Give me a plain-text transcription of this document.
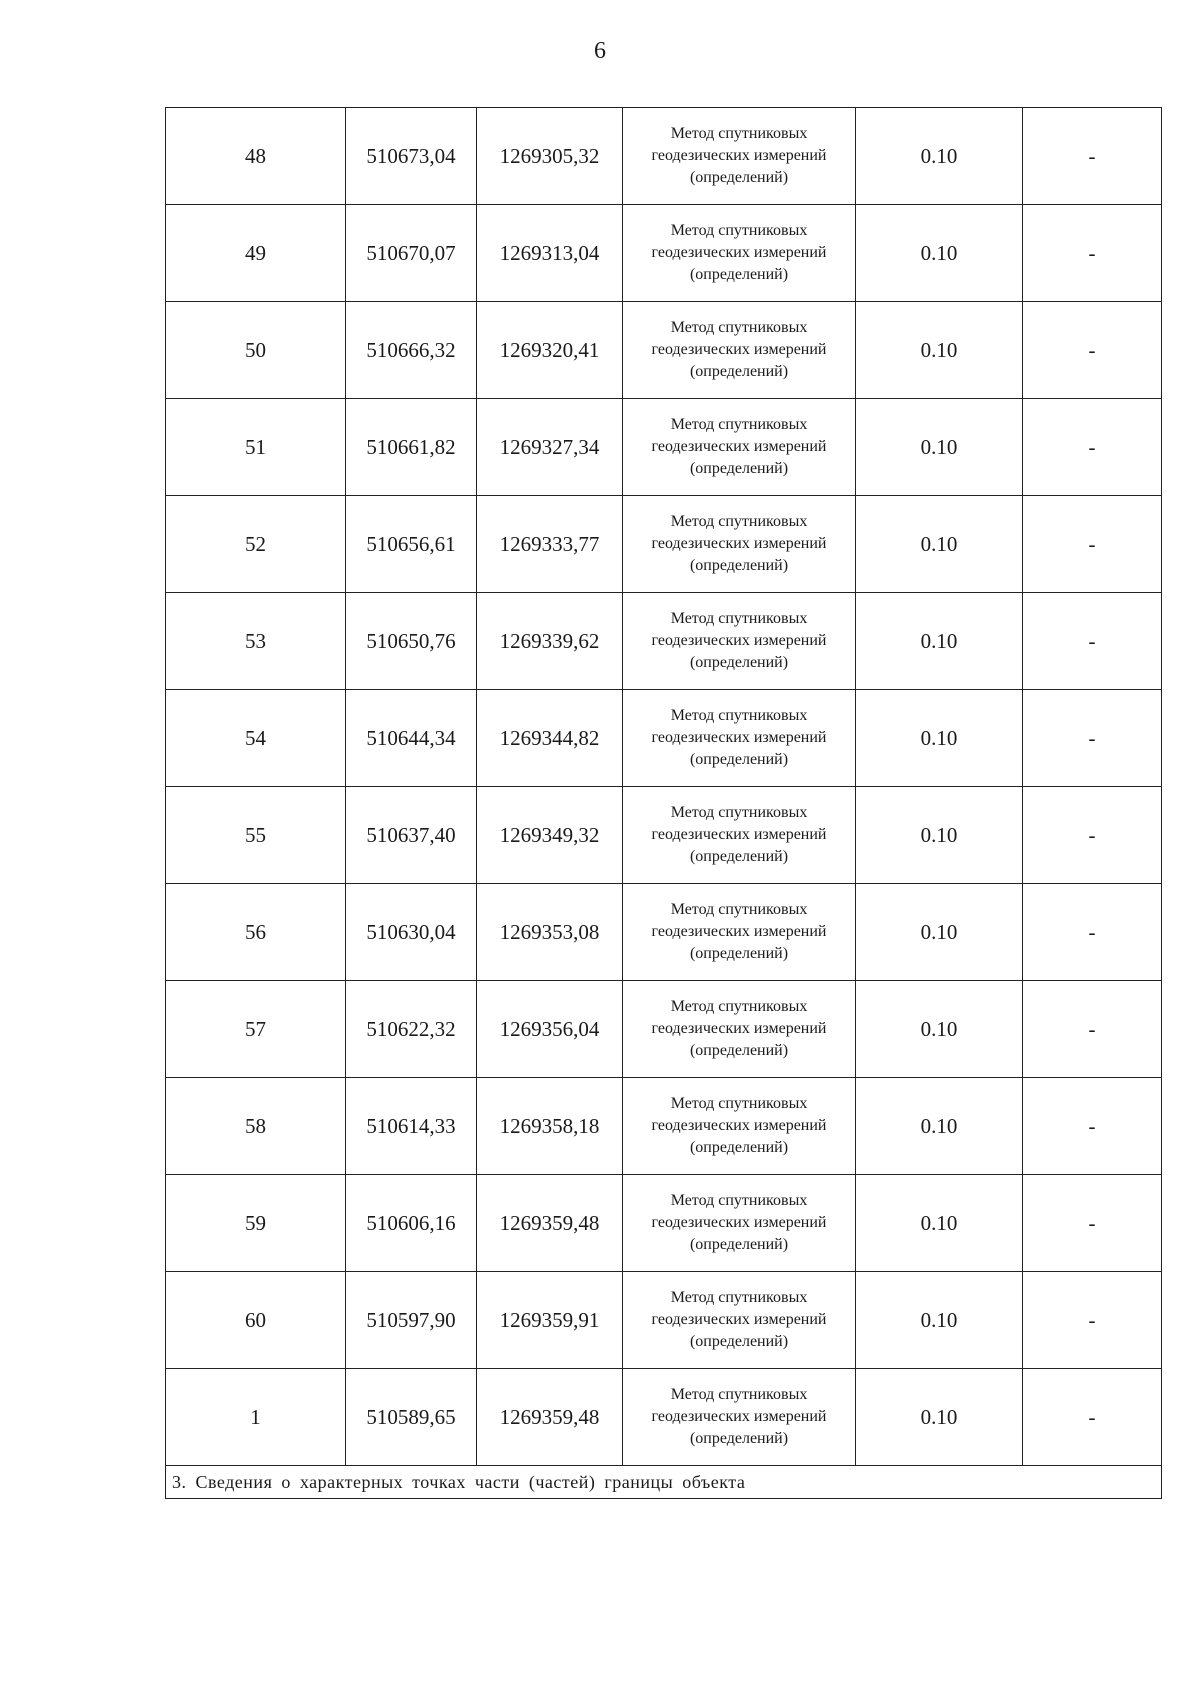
6
48	510673,04	1269305,32	Метод спутниковых
геодезических измерений
(определений)	0.10	-
49	510670,07	1269313,04	Метод спутниковых
геодезических измерений
(определений)	0.10	-
50	510666,32	1269320,41	Метод спутниковых
геодезических измерений
(определений)	0.10	-
51	510661,82	1269327,34	Метод спутниковых
геодезических измерений
(определений)	0.10	-
52	510656,61	1269333,77	Метод спутниковых
геодезических измерений
(определений)	0.10	-
53	510650,76	1269339,62	Метод спутниковых
геодезических измерений
(определений)	0.10	-
54	510644,34	1269344,82	Метод спутниковых
геодезических измерений
(определений)	0.10	-
55	510637,40	1269349,32	Метод спутниковых
геодезических измерений
(определений)	0.10	-
56	510630,04	1269353,08	Метод спутниковых
геодезических измерений
(определений)	0.10	-
57	510622,32	1269356,04	Метод спутниковых
геодезических измерений
(определений)	0.10	-
58	510614,33	1269358,18	Метод спутниковых
геодезических измерений
(определений)	0.10	-
59	510606,16	1269359,48	Метод спутниковых
геодезических измерений
(определений)	0.10	-
60	510597,90	1269359,91	Метод спутниковых
геодезических измерений
(определений)	0.10	-
1	510589,65	1269359,48	Метод спутниковых
геодезических измерений
(определений)	0.10	-
3. Сведения о характерных точках части (частей) границы объекта					
